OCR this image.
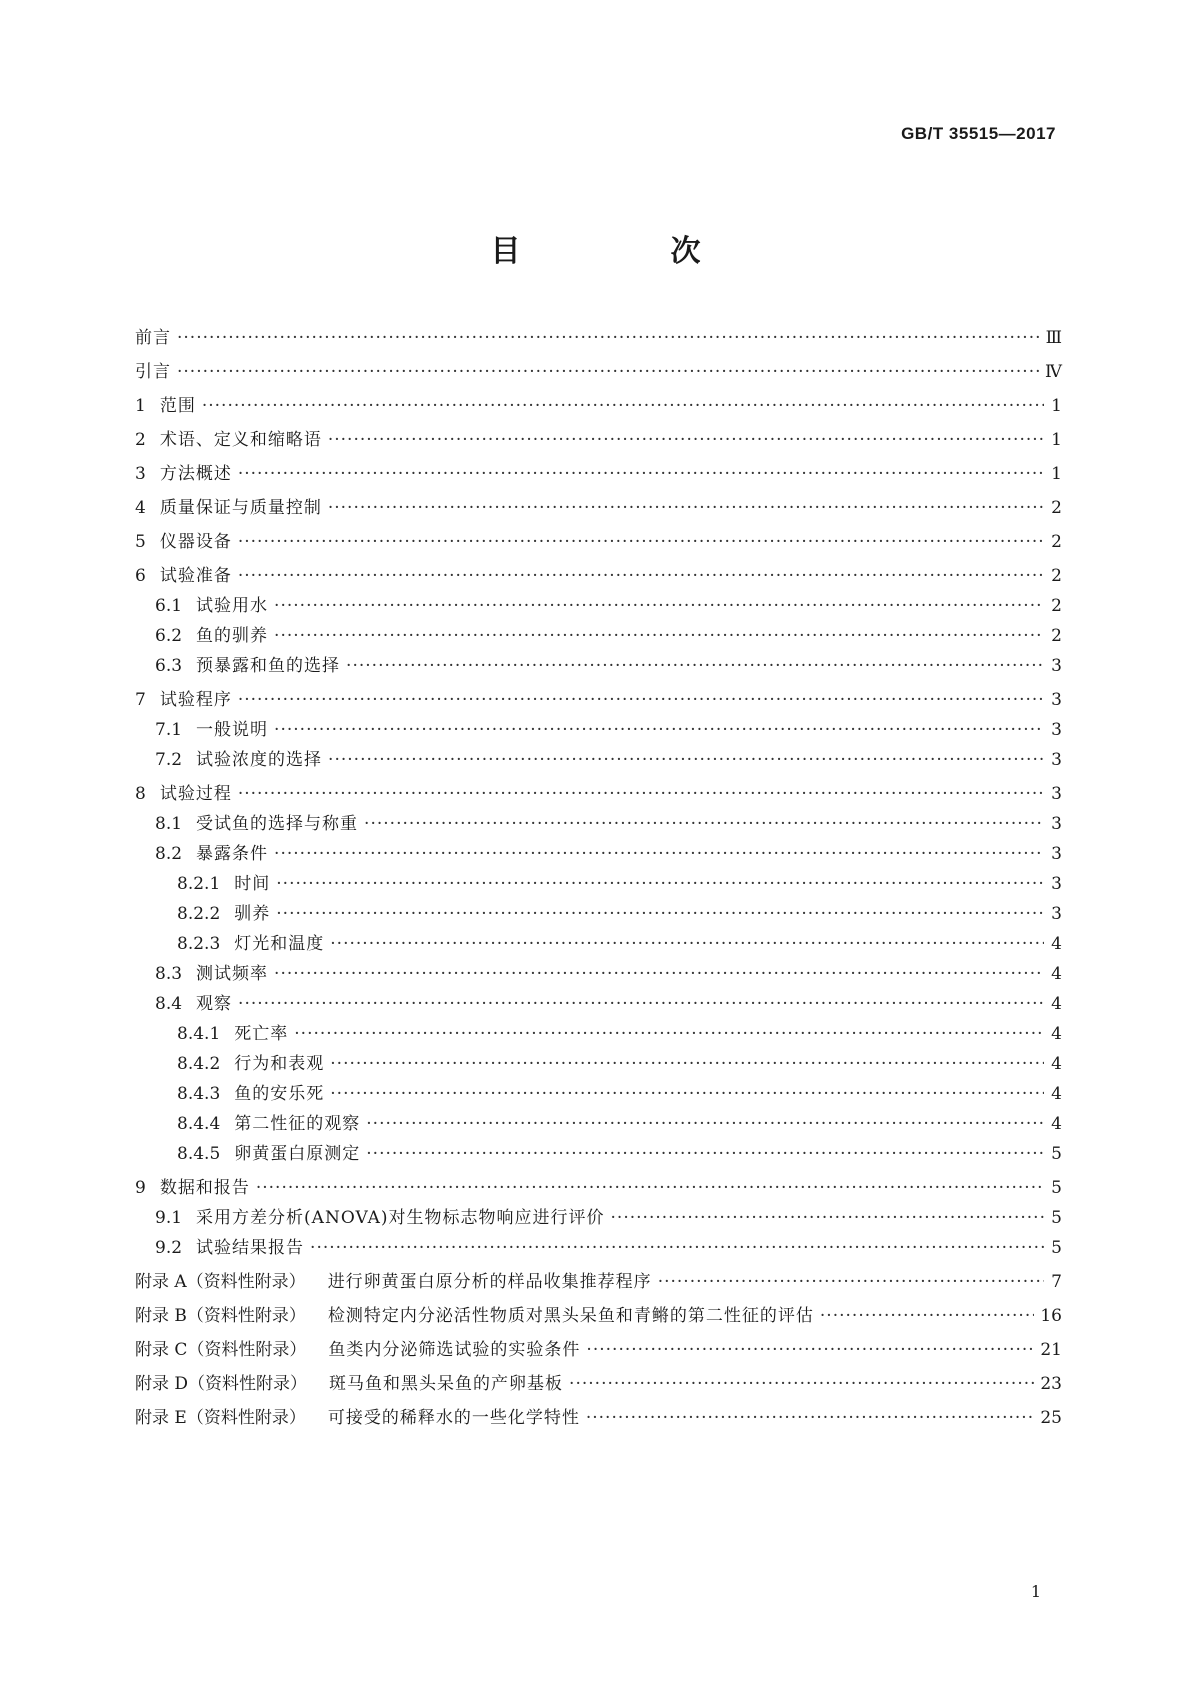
GB/T 35515—2017
目　次
前言 ·····	Ⅲ
引言 ·····	Ⅳ
1 范围 ·····	1
2 术语、定义和缩略语 ·····	1
3 方法概述 ·····	1
4 质量保证与质量控制 ·····	2
5 仪器设备 ·····	2
6 试验准备 ·····	2
6.1 试验用水 ·····	2
6.2 鱼的驯养 ·····	2
6.3 预暴露和鱼的选择 ·····	3
7 试验程序 ·····	3
7.1 一般说明 ·····	3
7.2 试验浓度的选择 ·····	3
8 试验过程 ·····	3
8.1 受试鱼的选择与称重 ·····	3
8.2 暴露条件 ·····	3
8.2.1 时间 ·····	3
8.2.2 驯养 ·····	3
8.2.3 灯光和温度 ·····	4
8.3 测试频率 ·····	4
8.4 观察 ·····	4
8.4.1 死亡率 ·····	4
8.4.2 行为和表观 ·····	4
8.4.3 鱼的安乐死 ·····	4
8.4.4 第二性征的观察 ·····	4
8.4.5 卵黄蛋白原测定 ·····	5
9 数据和报告 ·····	5
9.1 采用方差分析(ANOVA)对生物标志物响应进行评价 ·····	5
9.2 试验结果报告 ·····	5
附录 A（资料性附录） 进行卵黄蛋白原分析的样品收集推荐程序 ·····	7
附录 B（资料性附录） 检测特定内分泌活性物质对黑头呆鱼和青鳉的第二性征的评估 ·····	16
附录 C（资料性附录） 鱼类内分泌筛选试验的实验条件 ·····	21
附录 D（资料性附录） 斑马鱼和黑头呆鱼的产卵基板 ·····	23
附录 E（资料性附录） 可接受的稀释水的一些化学特性 ·····	25
1
